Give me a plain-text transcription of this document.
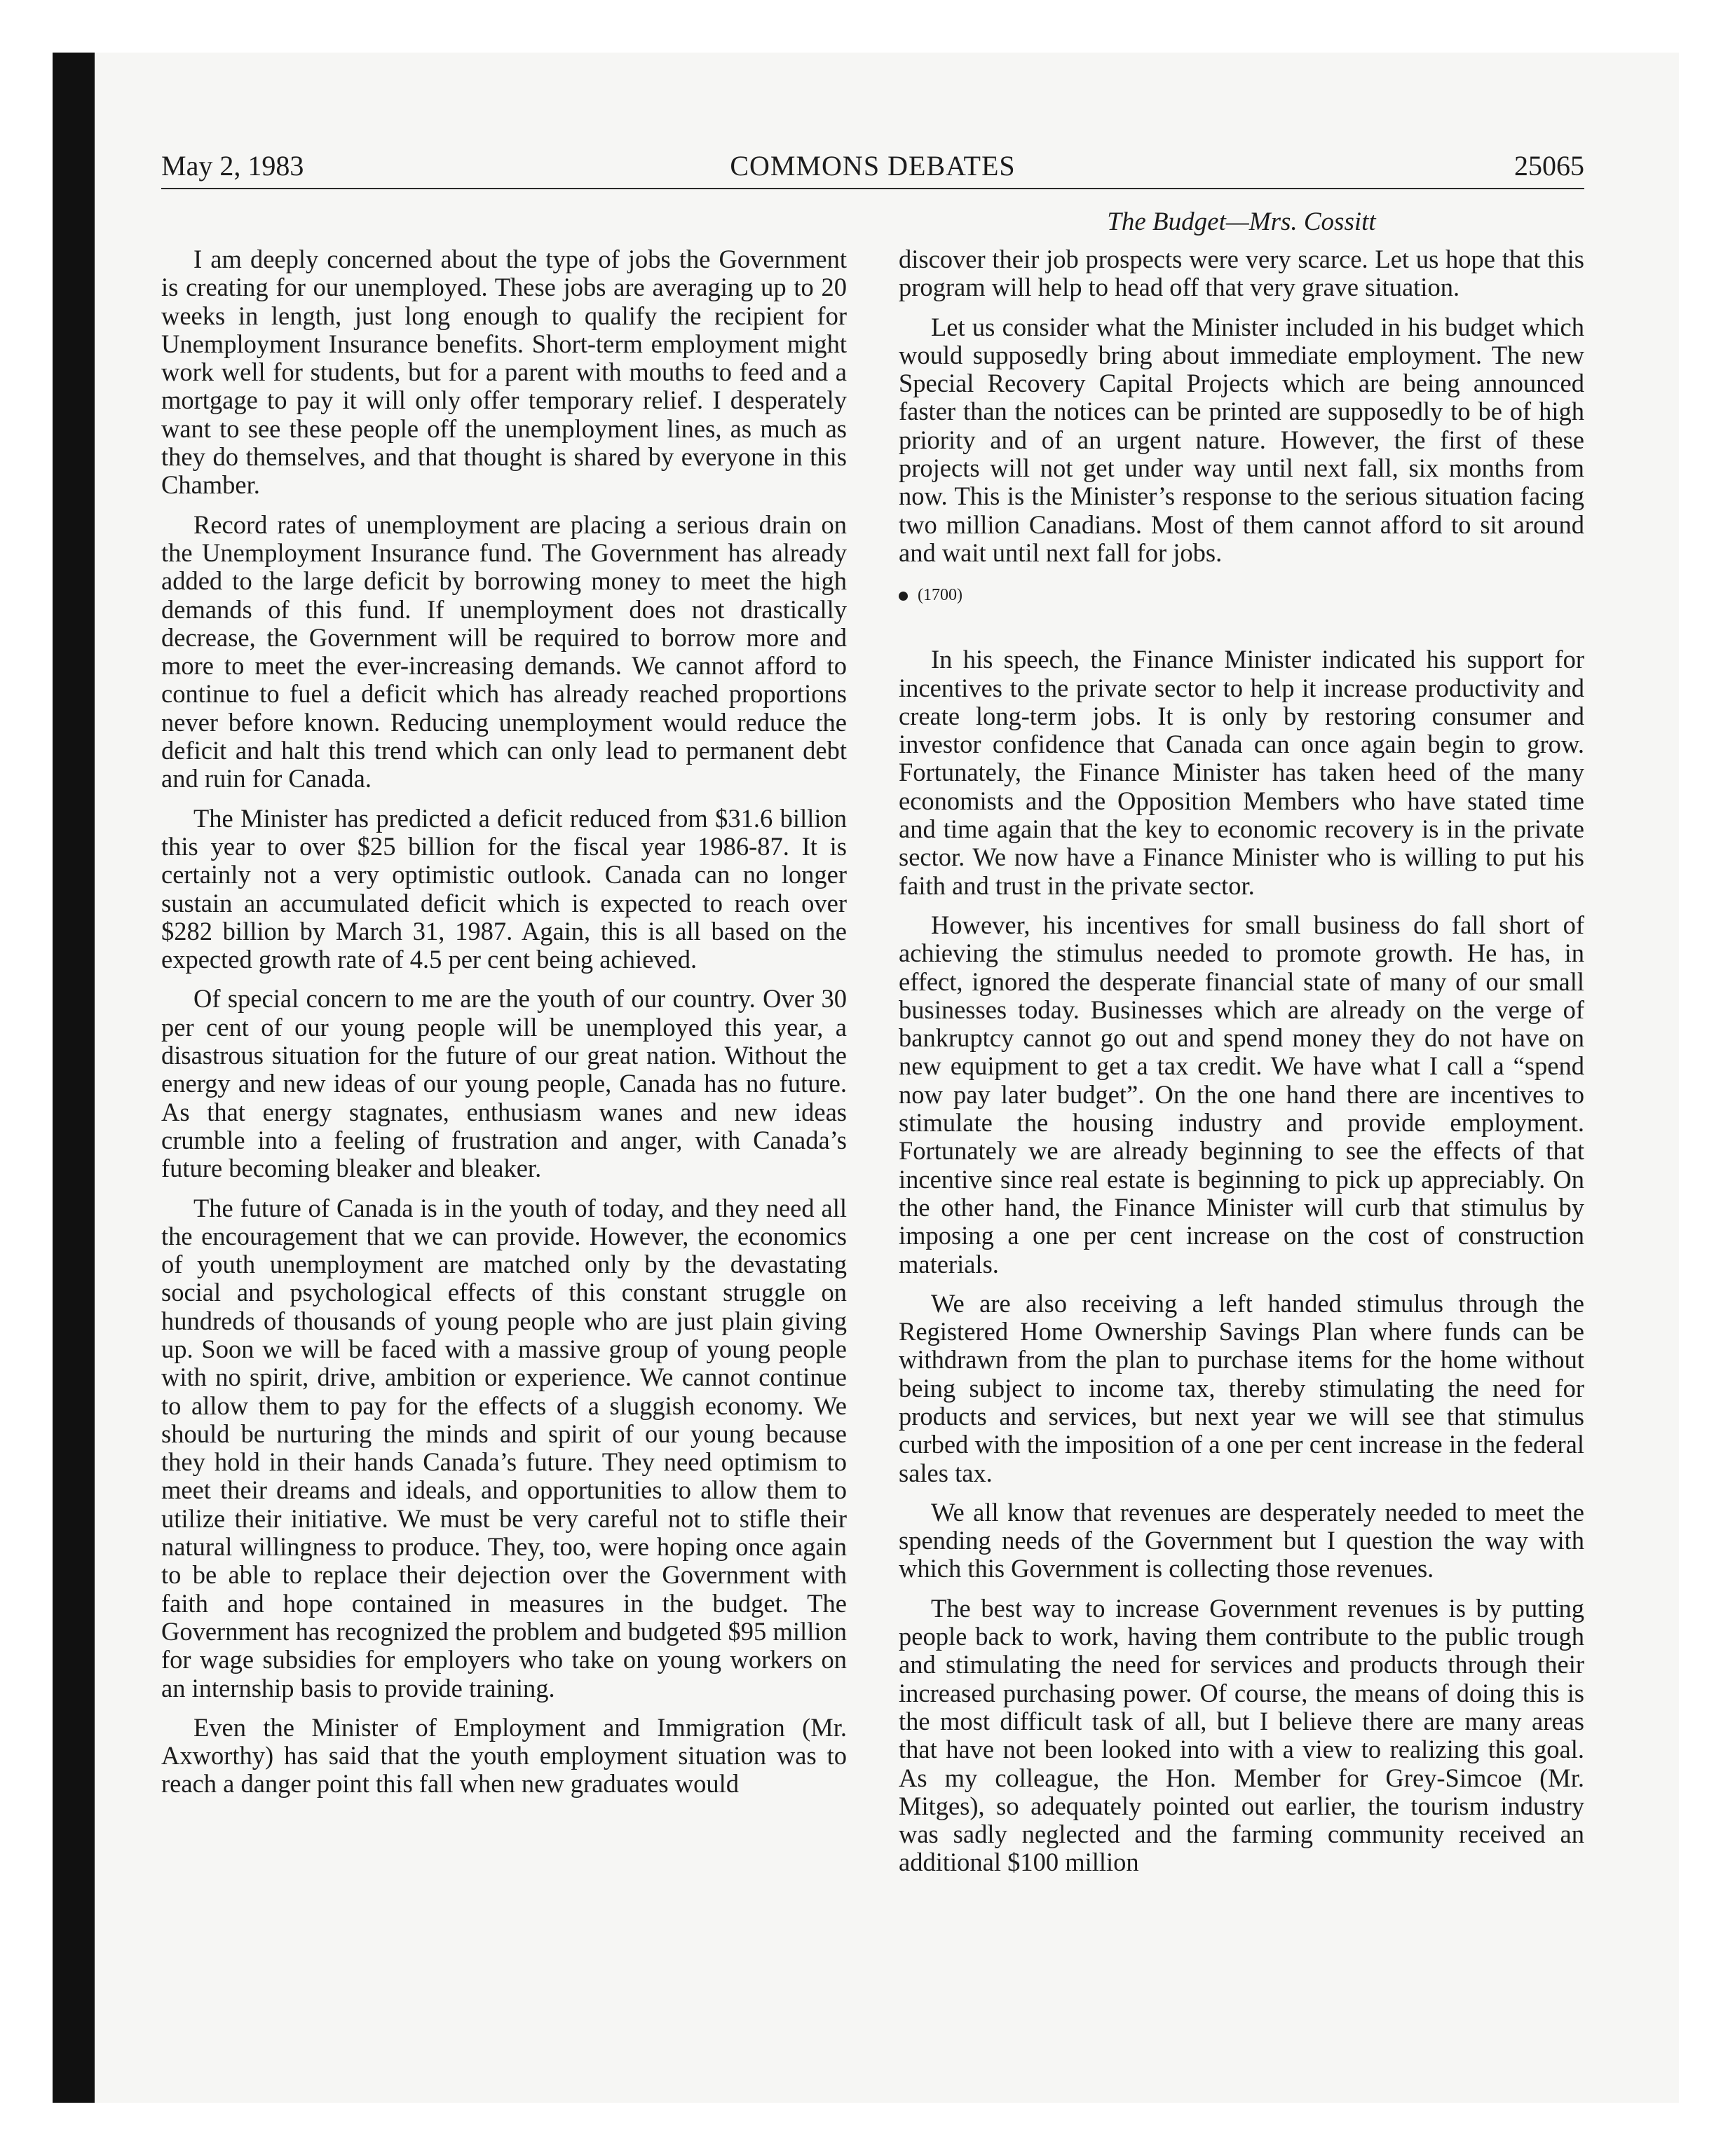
May 2, 1983	COMMONS DEBATES	25065
The Budget—Mrs. Cossitt

I am deeply concerned about the type of jobs the Government is creating for our unemployed. These jobs are averaging up to 20 weeks in length, just long enough to qualify the recipient for Unemployment Insurance benefits. Short-term employment might work well for students, but for a parent with mouths to feed and a mortgage to pay it will only offer temporary relief. I desperately want to see these people off the unemployment lines, as much as they do themselves, and that thought is shared by everyone in this Chamber.

Record rates of unemployment are placing a serious drain on the Unemployment Insurance fund. The Government has already added to the large deficit by borrowing money to meet the high demands of this fund. If unemployment does not drastically decrease, the Government will be required to borrow more and more to meet the ever-increasing demands. We cannot afford to continue to fuel a deficit which has already reached proportions never before known. Reducing unemployment would reduce the deficit and halt this trend which can only lead to permanent debt and ruin for Canada.

The Minister has predicted a deficit reduced from $31.6 billion this year to over $25 billion for the fiscal year 1986-87. It is certainly not a very optimistic outlook. Canada can no longer sustain an accumulated deficit which is expected to reach over $282 billion by March 31, 1987. Again, this is all based on the expected growth rate of 4.5 per cent being achieved.

Of special concern to me are the youth of our country. Over 30 per cent of our young people will be unemployed this year, a disastrous situation for the future of our great nation. Without the energy and new ideas of our young people, Canada has no future. As that energy stagnates, enthusiasm wanes and new ideas crumble into a feeling of frustration and anger, with Canada’s future becoming bleaker and bleaker.

The future of Canada is in the youth of today, and they need all the encouragement that we can provide. However, the economics of youth unemployment are matched only by the devastating social and psychological effects of this constant struggle on hundreds of thousands of young people who are just plain giving up. Soon we will be faced with a massive group of young people with no spirit, drive, ambition or experience. We cannot continue to allow them to pay for the effects of a sluggish economy. We should be nurturing the minds and spirit of our young because they hold in their hands Canada’s future. They need optimism to meet their dreams and ideals, and opportunities to allow them to utilize their initiative. We must be very careful not to stifle their natural willingness to produce. They, too, were hoping once again to be able to replace their dejection over the Government with faith and hope contained in measures in the budget. The Government has recognized the problem and budgeted $95 million for wage subsidies for employers who take on young workers on an internship basis to provide training.

Even the Minister of Employment and Immigration (Mr. Axworthy) has said that the youth employment situation was to reach a danger point this fall when new graduates would

discover their job prospects were very scarce. Let us hope that this program will help to head off that very grave situation.

Let us consider what the Minister included in his budget which would supposedly bring about immediate employment. The new Special Recovery Capital Projects which are being announced faster than the notices can be printed are supposedly to be of high priority and of an urgent nature. However, the first of these projects will not get under way until next fall, six months from now. This is the Minister’s response to the serious situation facing two million Canadians. Most of them cannot afford to sit around and wait until next fall for jobs.

(1700)

In his speech, the Finance Minister indicated his support for incentives to the private sector to help it increase productivity and create long-term jobs. It is only by restoring consumer and investor confidence that Canada can once again begin to grow. Fortunately, the Finance Minister has taken heed of the many economists and the Opposition Members who have stated time and time again that the key to economic recovery is in the private sector. We now have a Finance Minister who is willing to put his faith and trust in the private sector.

However, his incentives for small business do fall short of achieving the stimulus needed to promote growth. He has, in effect, ignored the desperate financial state of many of our small businesses today. Businesses which are already on the verge of bankruptcy cannot go out and spend money they do not have on new equipment to get a tax credit. We have what I call a “spend now pay later budget”. On the one hand there are incentives to stimulate the housing industry and provide employment. Fortunately we are already beginning to see the effects of that incentive since real estate is beginning to pick up appreciably. On the other hand, the Finance Minister will curb that stimulus by imposing a one per cent increase on the cost of construction materials.

We are also receiving a left handed stimulus through the Registered Home Ownership Savings Plan where funds can be withdrawn from the plan to purchase items for the home without being subject to income tax, thereby stimulating the need for products and services, but next year we will see that stimulus curbed with the imposition of a one per cent increase in the federal sales tax.

We all know that revenues are desperately needed to meet the spending needs of the Government but I question the way with which this Government is collecting those revenues.

The best way to increase Government revenues is by putting people back to work, having them contribute to the public trough and stimulating the need for services and products through their increased purchasing power. Of course, the means of doing this is the most difficult task of all, but I believe there are many areas that have not been looked into with a view to realizing this goal. As my colleague, the Hon. Member for Grey-Simcoe (Mr. Mitges), so adequately pointed out earlier, the tourism industry was sadly neglected and the farming community received an additional $100 million
